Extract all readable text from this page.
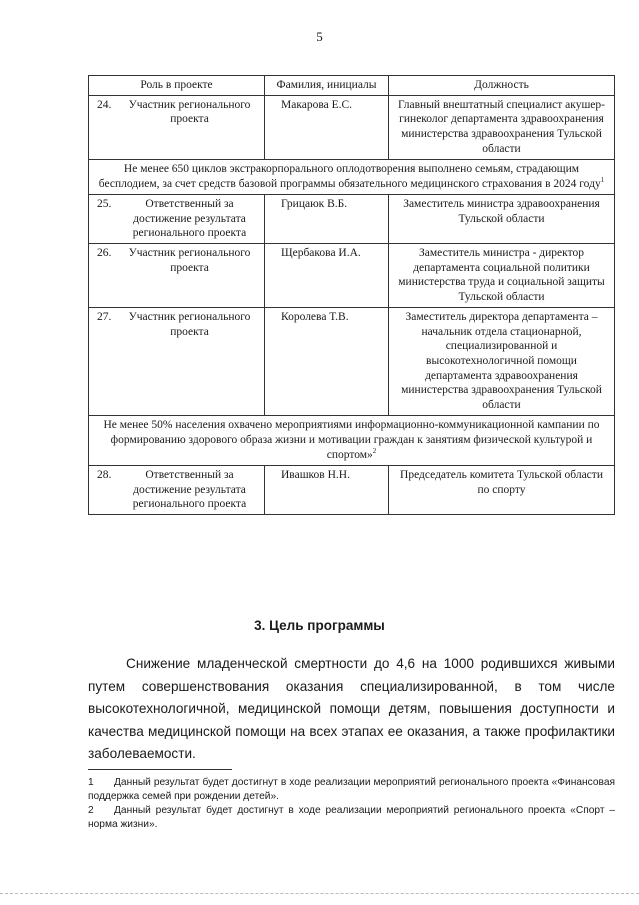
5
Роль в проекте	Фамилия, инициалы	Должность

24. Участник регионального проекта	Макарова Е.С.	Главный внештатный специалист акушер-гинеколог департамента здравоохранения министерства здравоохранения Тульской области
Не менее 650 циклов экстракорпорального оплодотворения выполнено семьям, страдающим бесплодием, за счет средств базовой программы обязательного медицинского страхования в 2024 году$^1$

25. Ответственный за достижение результата регионального проекта	Грицаюк В.Б.	Заместитель министра здравоохранения Тульской области

26. Участник регионального проекта	Щербакова И.А.	Заместитель министра - директор департамента социальной политики министерства труда и социальной защиты Тульской области

27. Участник регионального проекта	Королева Т.В.	Заместитель директора департамента – начальник отдела стационарной, специализированной и высокотехнологичной помощи департамента здравоохранения министерства здравоохранения Тульской области
Не менее 50% населения охвачено мероприятиями информационно-коммуникационной кампании по формированию здорового образа жизни и мотивации граждан к занятиям физической культурой и спортом»$^2$

28. Ответственный за достижение результата регионального проекта	Ивашков Н.Н.	Председатель комитета Тульской области по спорту
3. Цель программы

Снижение младенческой смертности до 4,6 на 1000 родившихся живыми путем совершенствования оказания специализированной, в том числе высокотехнологичной, медицинской помощи детям, повышения доступности и качества медицинской помощи на всех этапах ее оказания, а также профилактики заболеваемости.

1 Данный результат будет достигнут в ходе реализации мероприятий регионального проекта «Финансовая поддержка семей при рождении детей».

2 Данный результат будет достигнут в ходе реализации мероприятий регионального проекта «Спорт – норма жизни».
